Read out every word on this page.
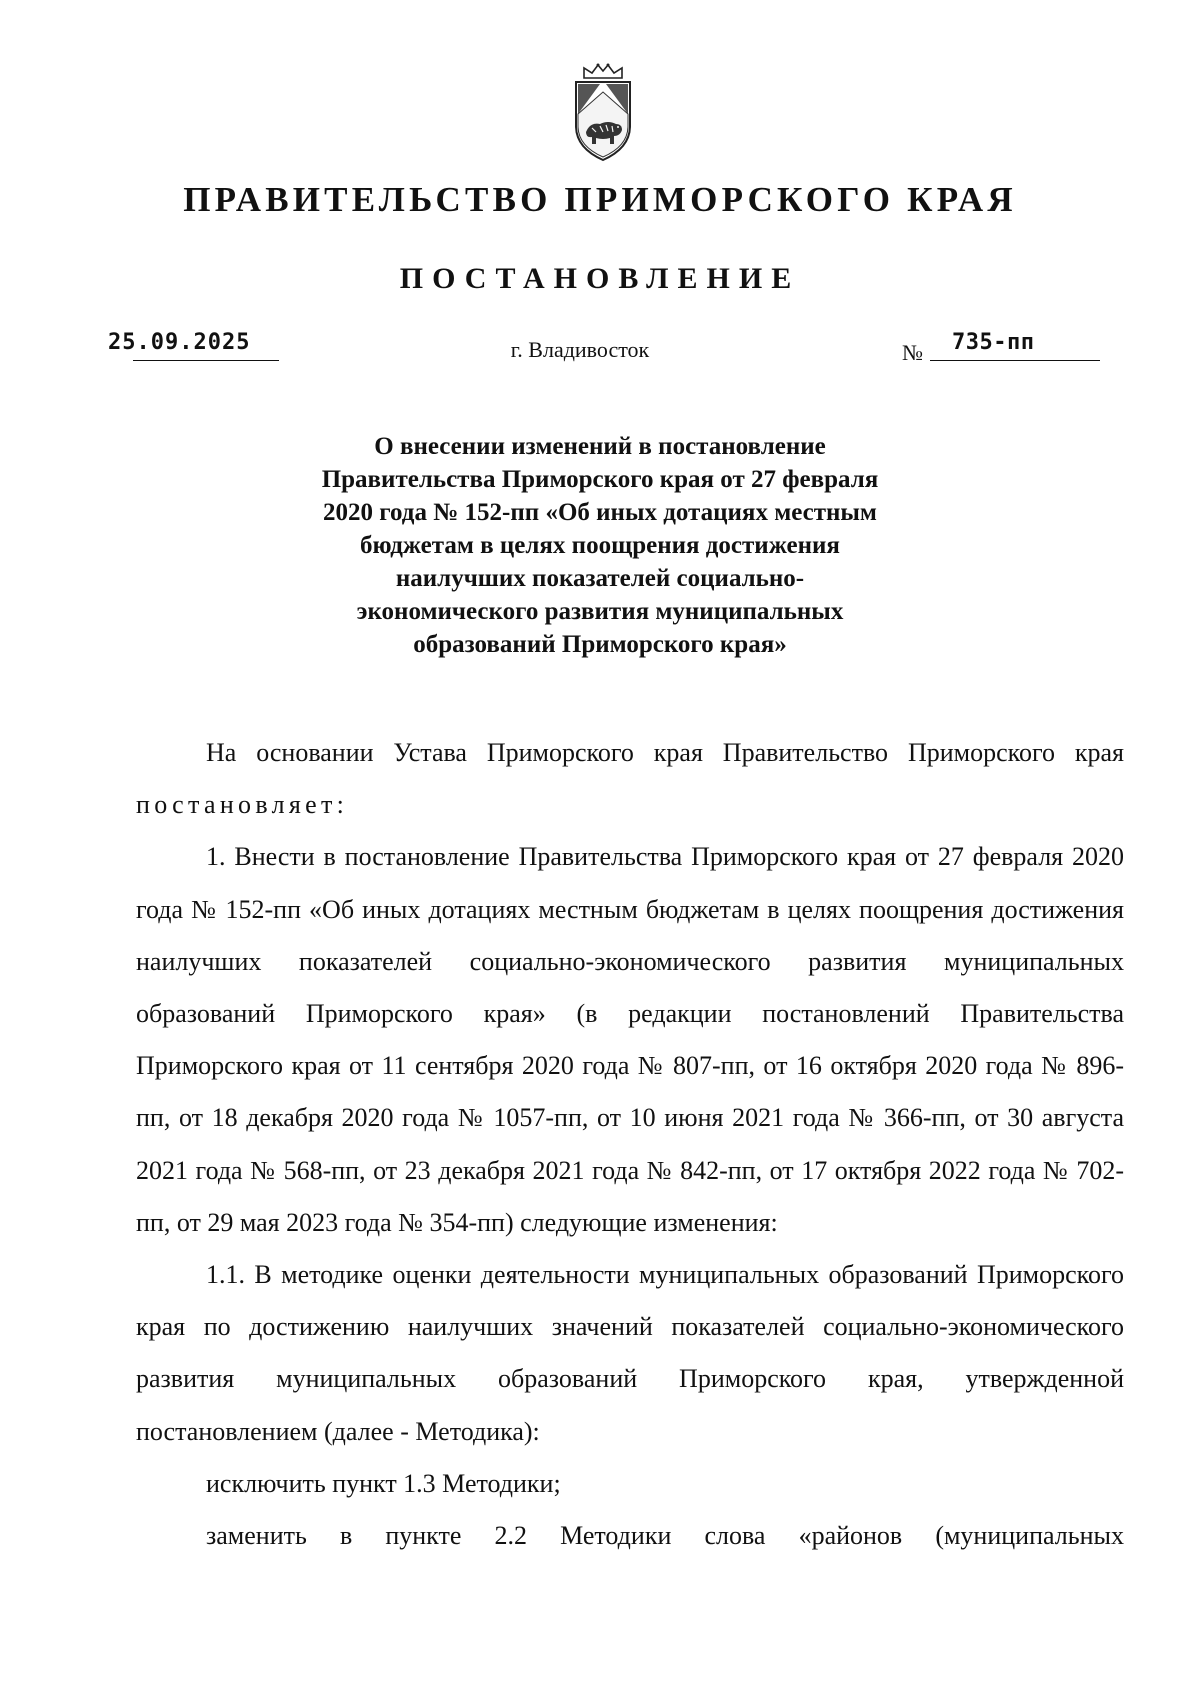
ПРАВИТЕЛЬСТВО ПРИМОРСКОГО КРАЯ
ПОСТАНОВЛЕНИЕ
25.09.2025	г. Владивосток	№ 735-пп
О внесении изменений в постановление
Правительства Приморского края от 27 февраля
2020 года № 152-пп «Об иных дотациях местным
бюджетам в целях поощрения достижения
наилучших показателей социально-
экономического развития муниципальных
образований Приморского края»

На основании Устава Приморского края Правительство Приморского края постановляет:

1. Внести в постановление Правительства Приморского края от 27 февраля 2020 года № 152-пп «Об иных дотациях местным бюджетам в целях поощрения достижения наилучших показателей социально-экономического развития муниципальных образований Приморского края» (в редакции постановлений Правительства Приморского края от 11 сентября 2020 года № 807-пп, от 16 октября 2020 года № 896-пп, от 18 декабря 2020 года № 1057-пп, от 10 июня 2021 года № 366-пп, от 30 августа 2021 года № 568-пп, от 23 декабря 2021 года № 842-пп, от 17 октября 2022 года № 702-пп, от 29 мая 2023 года № 354-пп) следующие изменения:

1.1. В методике оценки деятельности муниципальных образований Приморского края по достижению наилучших значений показателей социально-экономического развития муниципальных образований Приморского края, утвержденной постановлением (далее - Методика):

исключить пункт 1.3 Методики;

заменить в пункте 2.2 Методики слова «районов (муниципальных
